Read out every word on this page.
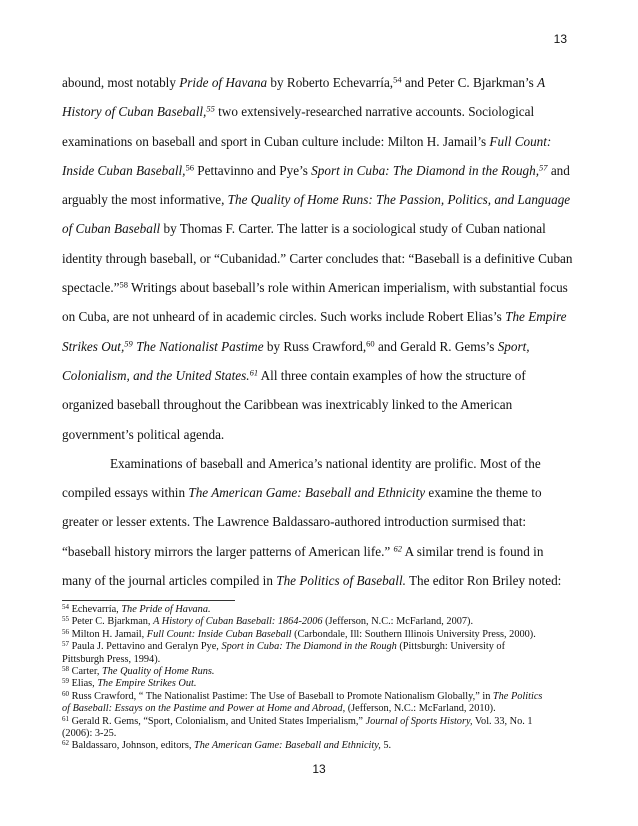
13
abound, most notably Pride of Havana by Roberto Echevarría,$^{54}$ and Peter C. Bjarkman’s A
History of Cuban Baseball,$^{55}$ two extensively-researched narrative accounts. Sociological
examinations on baseball and sport in Cuban culture include: Milton H. Jamail’s Full Count:
Inside Cuban Baseball,$^{56}$ Pettavinno and Pye’s Sport in Cuba: The Diamond in the Rough,$^{57}$ and
arguably the most informative, The Quality of Home Runs: The Passion, Politics, and Language
of Cuban Baseball by Thomas F. Carter. The latter is a sociological study of Cuban national
identity through baseball, or “Cubanidad.” Carter concludes that: “Baseball is a definitive Cuban
spectacle.”$^{58}$ Writings about baseball’s role within American imperialism, with substantial focus
on Cuba, are not unheard of in academic circles. Such works include Robert Elias’s The Empire
Strikes Out,$^{59}$ The Nationalist Pastime by Russ Crawford,$^{60}$ and Gerald R. Gems’s Sport,
Colonialism, and the United States.$^{61}$ All three contain examples of how the structure of
organized baseball throughout the Caribbean was inextricably linked to the American
government’s political agenda.
Examinations of baseball and America’s national identity are prolific. Most of the
compiled essays within The American Game: Baseball and Ethnicity examine the theme to
greater or lesser extents. The Lawrence Baldassaro-authored introduction surmised that:
“baseball history mirrors the larger patterns of American life.” $^{62}$ A similar trend is found in
many of the journal articles compiled in The Politics of Baseball. The editor Ron Briley noted:
$^{54}$ Echevarría, The Pride of Havana.
$^{55}$ Peter C. Bjarkman, A History of Cuban Baseball: 1864-2006 (Jefferson, N.C.: McFarland, 2007).
$^{56}$ Milton H. Jamail, Full Count: Inside Cuban Baseball (Carbondale, Ill: Southern Illinois University Press, 2000).
$^{57}$ Paula J. Pettavino and Geralyn Pye, Sport in Cuba: The Diamond in the Rough (Pittsburgh: University of
Pittsburgh Press, 1994).
$^{58}$ Carter, The Quality of Home Runs.
$^{59}$ Elias, The Empire Strikes Out.
$^{60}$ Russ Crawford, “ The Nationalist Pastime: The Use of Baseball to Promote Nationalism Globally,” in The Politics
of Baseball: Essays on the Pastime and Power at Home and Abroad, (Jefferson, N.C.: McFarland, 2010).
$^{61}$ Gerald R. Gems, “Sport, Colonialism, and United States Imperialism,” Journal of Sports History, Vol. 33, No. 1
(2006): 3-25.
$^{62}$ Baldassaro, Johnson, editors, The American Game: Baseball and Ethnicity, 5.
13
